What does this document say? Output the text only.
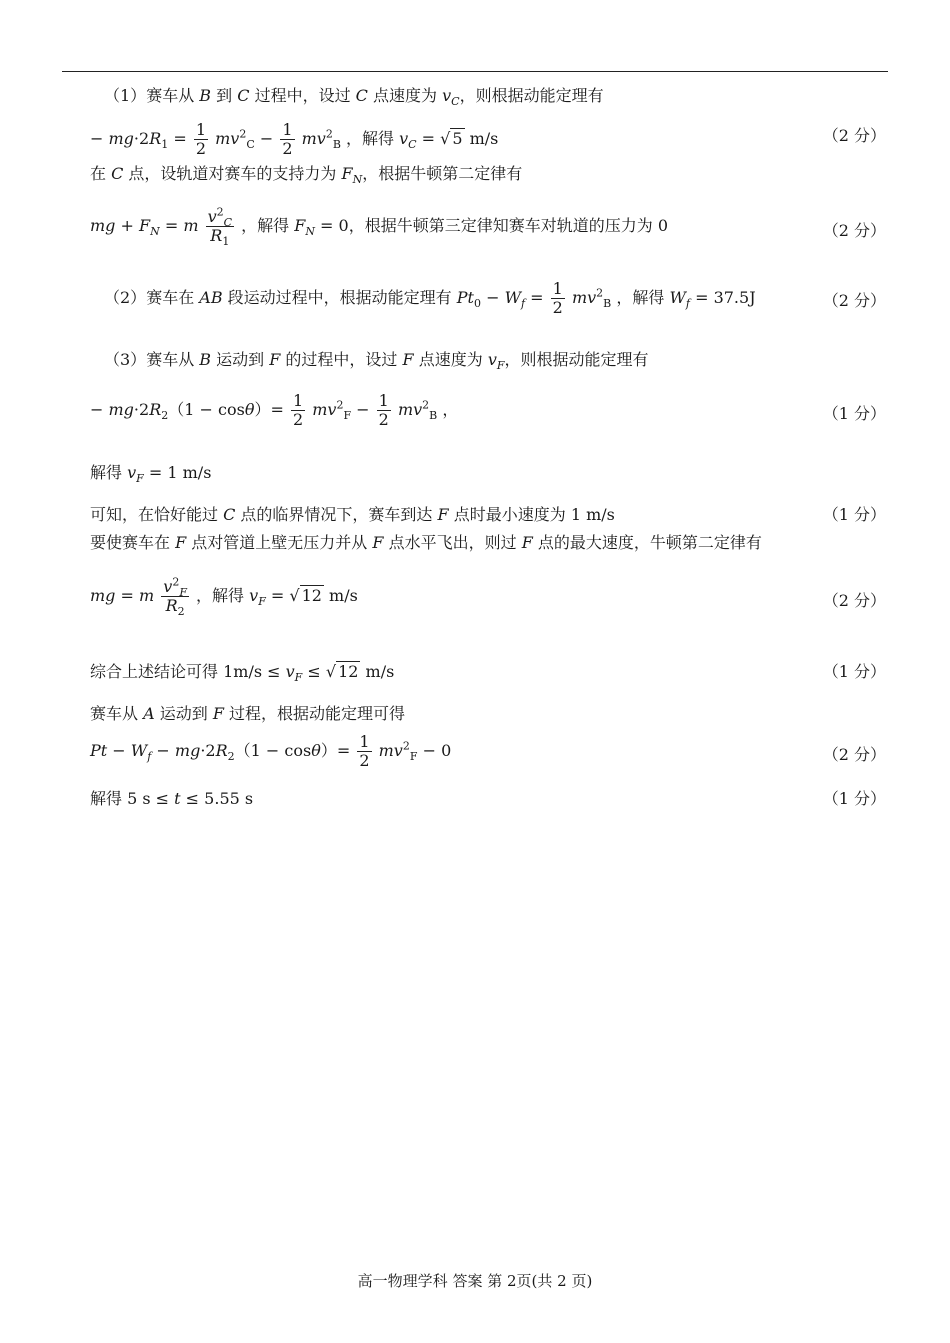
（1）赛车从 B 到 C 过程中，设过 C 点速度为 $v_C$，则根据动能定理有
− $mg\cdot 2R_1 = \frac{1}{2} mv^2_C - \frac{1}{2} mv^2_B$ ，解得 $v_C$ = √ 5 m/s	（2 分）
在 C 点，设轨道对赛车的支持力为 $F_N$，根据牛顿第二定律有
mg + $F_N = m \frac{v^2_C}{R_1}$ ，解得 $F_N = 0$，根据牛顿第三定律知赛车对轨道的压力为 0	（2 分）
（2）赛车在 AB 段运动过程中，根据动能定理有 $Pt_0 - W_f = \frac{1}{2} mv^2_B$ ，解得 $W_f = 37.5J$	（2 分）
（3）赛车从 B 运动到 F 的过程中，设过 F 点速度为 $v_F$，则根据动能定理有
− $mg\cdot 2R_2(1 - \cos\theta)= \frac{1}{2} mv^2_F - \frac{1}{2} mv^2_B$ ，	（1 分）
解得 $v_F = 1$ m/s
可知，在恰好能过 C 点的临界情况下，赛车到达 F 点时最小速度为 1 m/s	（1 分）
要使赛车在 F 点对管道上壁无压力并从 F 点水平飞出，则过 F 点的最大速度，牛顿第二定律有
mg = m $\frac{v^2_F}{R_2}$ ，解得 $v_F$ = √ 12 m/s	（2 分）
综合上述结论可得 $1m/s \le v_F$ ≤ √ 12 m/s	（1 分）
赛车从 A 运动到 F 过程，根据动能定理可得
$Pt - W_f - mg\cdot 2R_2(1 - \cos\theta)= \frac{1}{2} mv^2_F - 0$	（2 分）
解得 5 s ≤ t ≤ 5.55 s	（1 分）
高一物理学科 答案 第 2页(共 2 页)
